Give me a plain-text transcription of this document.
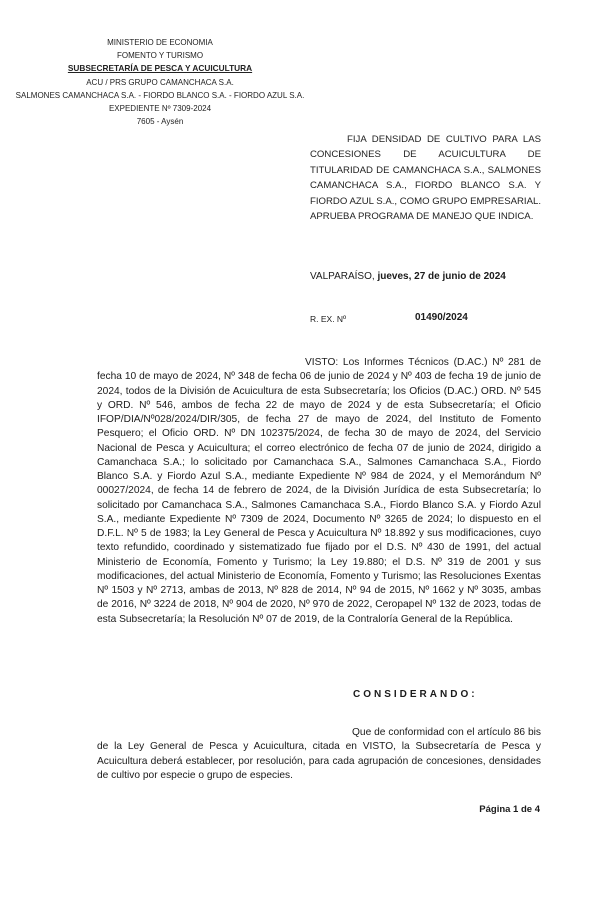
MINISTERIO DE ECONOMIA
FOMENTO Y TURISMO
SUBSECRETARÍA DE PESCA Y ACUICULTURA
ACU / PRS GRUPO CAMANCHACA S.A.
SALMONES CAMANCHACA S.A. - FIORDO BLANCO S.A. - FIORDO AZUL S.A.
EXPEDIENTE Nº 7309-2024
7605 - Aysén
FIJA DENSIDAD DE CULTIVO PARA LAS CONCESIONES DE ACUICULTURA DE TITULARIDAD DE CAMANCHACA S.A., SALMONES CAMANCHACA S.A., FIORDO BLANCO S.A. Y FIORDO AZUL S.A., COMO GRUPO EMPRESARIAL. APRUEBA PROGRAMA DE MANEJO QUE INDICA.
VALPARAÍSO, jueves, 27 de junio de 2024
R. EX. Nº	01490/2024

VISTO: Los Informes Técnicos (D.AC.) Nº 281 de fecha 10 de mayo de 2024, Nº 348 de fecha 06 de junio de 2024 y Nº 403 de fecha 19 de junio de 2024, todos de la División de Acuicultura de esta Subsecretaría; los Oficios (D.AC.) ORD. Nº 545 y ORD. Nº 546, ambos de fecha 22 de mayo de 2024 y de esta Subsecretaría; el Oficio IFOP/DIA/Nº028/2024/DIR/305, de fecha 27 de mayo de 2024, del Instituto de Fomento Pesquero; el Oficio ORD. Nº DN 102375/2024, de fecha 30 de mayo de 2024, del Servicio Nacional de Pesca y Acuicultura; el correo electrónico de fecha 07 de junio de 2024, dirigido a Camanchaca S.A.; lo solicitado por Camanchaca S.A., Salmones Camanchaca S.A., Fiordo Blanco S.A. y Fiordo Azul S.A., mediante Expediente Nº 984 de 2024, y el Memorándum Nº 00027/2024, de fecha 14 de febrero de 2024, de la División Jurídica de esta Subsecretaría; lo solicitado por Camanchaca S.A., Salmones Camanchaca S.A., Fiordo Blanco S.A. y Fiordo Azul S.A., mediante Expediente Nº 7309 de 2024, Documento Nº 3265 de 2024; lo dispuesto en el D.F.L. Nº 5 de 1983; la Ley General de Pesca y Acuicultura Nº 18.892 y sus modificaciones, cuyo texto refundido, coordinado y sistematizado fue fijado por el D.S. Nº 430 de 1991, del actual Ministerio de Economía, Fomento y Turismo; la Ley 19.880; el D.S. Nº 319 de 2001 y sus modificaciones, del actual Ministerio de Economía, Fomento y Turismo; las Resoluciones Exentas Nº 1503 y Nº 2713, ambas de 2013, Nº 828 de 2014, Nº 94 de 2015, Nº 1662 y Nº 3035, ambas de 2016, Nº 3224 de 2018, Nº 904 de 2020, Nº 970 de 2022, Ceropapel Nº 132 de 2023, todas de esta Subsecretaría; la Resolución Nº 07 de 2019, de la Contraloría General de la República.

CONSIDERANDO:

Que de conformidad con el artículo 86 bis de la Ley General de Pesca y Acuicultura, citada en VISTO, la Subsecretaría de Pesca y Acuicultura deberá establecer, por resolución, para cada agrupación de concesiones, densidades de cultivo por especie o grupo de especies.

Página 1 de 4
